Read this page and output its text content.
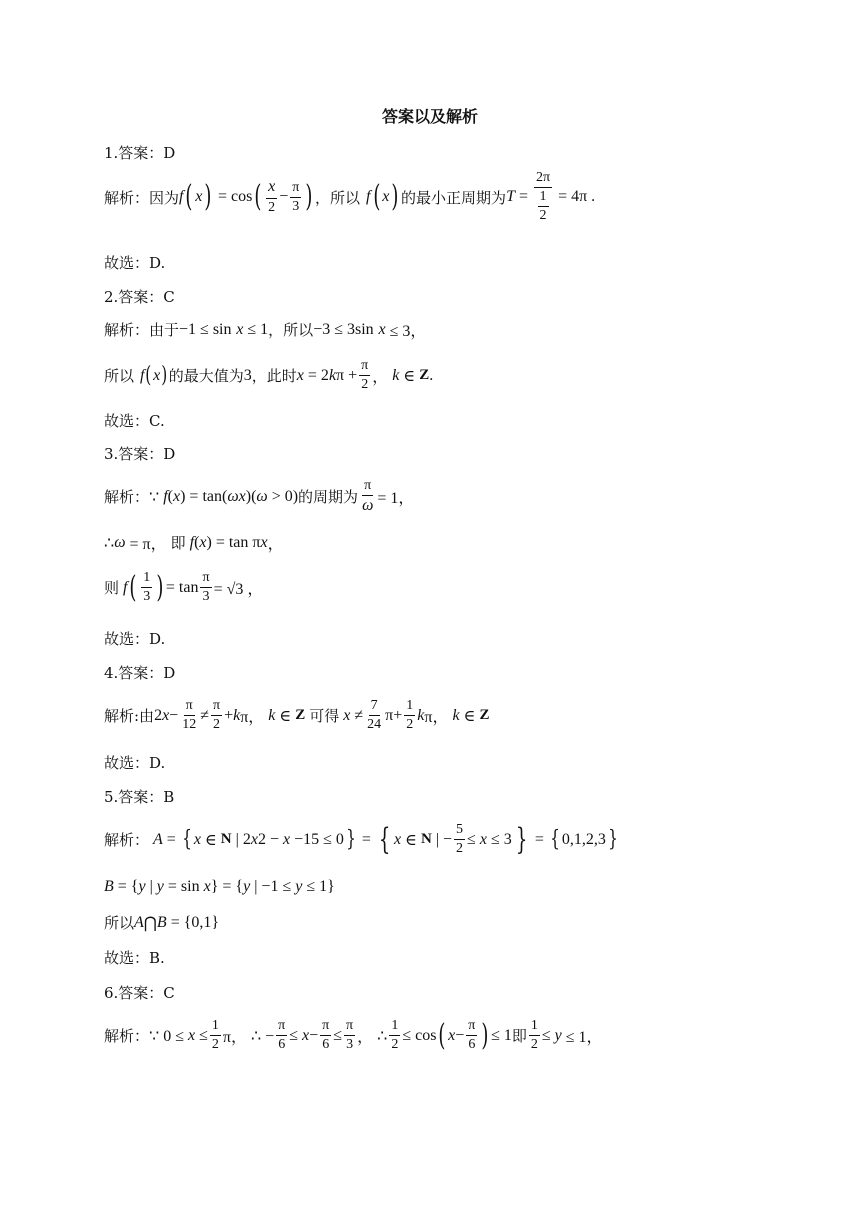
答案以及解析
1.答案：D
解析：因为 f ( x ) = cos ( $\frac{x}{2} - \frac{\pi}{3}$ ) ，所以 f ( x ) 的最小正周期为 $T = \frac{2\pi}{\frac{1}{2}} = 4\pi$ .
故选：D.
2.答案：C
解析：由于 −1 ≤ sin
x ≤ 1 ，所以 −3 ≤ 3sin
x ≤ 3，
所以 f ( x ) 的最大值为 3 ，此时 x = 2 k $\pi + \frac{\pi}{2}$ ， k ∈ Z .
故选：C.
3.答案：D
解析： ∵ f ( x ) = tan( ωx )( ω > 0) 的周期为 $\frac{\pi}{\omega} = 1$，
∴ ω = π， 即
f ( x ) = tan π x ，
则 f ( $\frac{1}{3}$ ) = $\tan \frac{\pi}{3} = √3$ ，
故选：D.
4.答案：D
解析:由 2 $x - \frac{\pi}{12} \ne \frac{\pi}{2} + k$ π， k ∈ Z
可得 $x \ne \frac{7}{24} \pi+ \frac{1}{2}$ k π， k ∈ Z
故选：D.
5.答案：B
解析： A = { x ∈ N | 2 x 2 − x −15 ≤ 0 } = { x ∈ N | − $\frac{5}{2} \le x \le 3$ } = { 0,1,2,3 }
B = { y | y = sin x } = { y | −1 ≤ y ≤ 1}
所以 A ⋂ B = {0,1}
故选：B.
6.答案：C
解析： ∵ $0 \le x \le \frac{1}{2}$ π， ∴ − $\frac{\pi}{6} \le x - \frac{\pi}{6} \le \frac{\pi}{3}$ ， ∴ $\frac{1}{2} \le \cos$ ( $x - \frac{\pi}{6}$ ) ≤ 1 即 $\frac{1}{2} \le y \le 1$，
